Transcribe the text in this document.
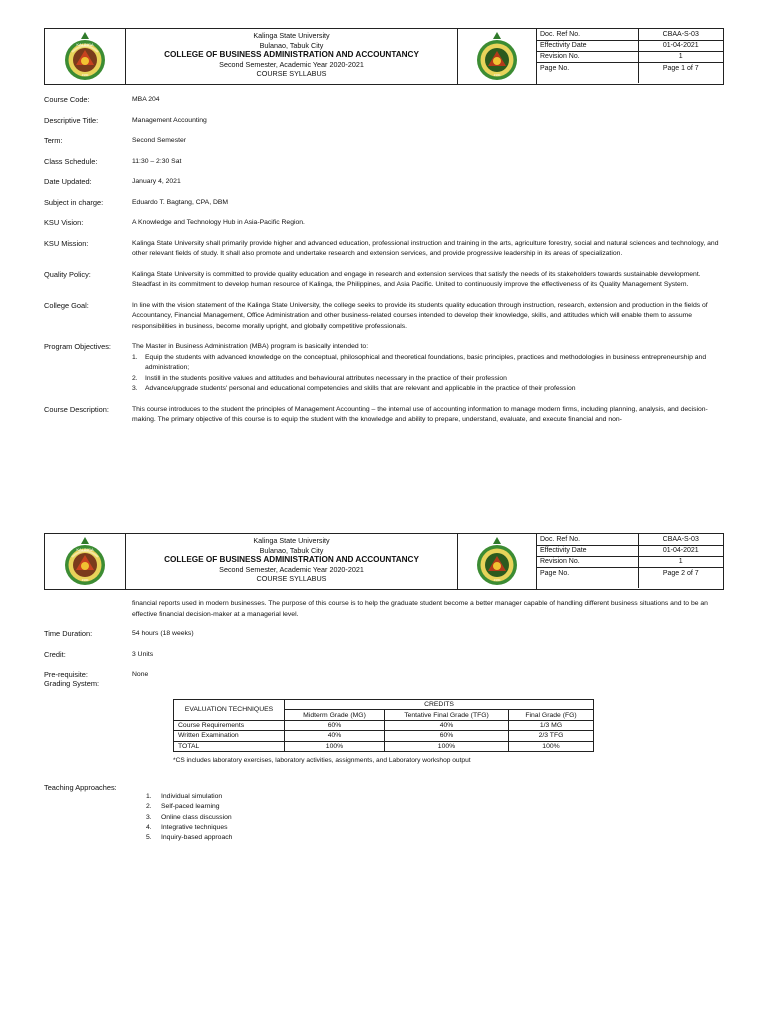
KALINGA
1990
Kalinga State University
Bulanao, Tabuk City
COLLEGE OF BUSINESS ADMINISTRATION AND ACCOUNTANCY
Second Semester, Academic Year 2020-2021
COURSE SYLLABUS	1990
Doc. Ref No.	CBAA-S-03
Effectivity Date	01-04-2021
Revision No.	1
Page No.	Page 1 of 7
Course Code:	MBA 204
Descriptive Title:	Management Accounting
Term:	Second Semester
Class Schedule:	11:30 – 2:30 Sat
Date Updated:	January 4, 2021
Subject in charge:	Eduardo T. Bagtang, CPA, DBM
KSU Vision:	A Knowledge and Technology Hub in Asia-Pacific Region.
KSU Mission:	Kalinga State University shall primarily provide higher and advanced education, professional instruction and training in the arts, agriculture forestry, social and natural sciences and technology, and other relevant fields of study. It shall also promote and undertake research and extension services, and provide progressive leadership in its areas of specialization.
Quality Policy:	Kalinga State University is committed to provide quality education and engage in research and extension services that satisfy the needs of its stakeholders towards sustainable development. Steadfast in its commitment to develop human resource of Kalinga, the Philippines, and Asia Pacific. United to continuously improve the effectiveness of its Quality Management System.
College Goal:	In line with the vision statement of the Kalinga State University, the college seeks to provide its students quality education through instruction, research, extension and production in the fields of Accountancy, Financial Management, Office Administration and other business-related courses intended to develop their knowledge, skills, and attitudes which will enable them to assume responsibilities in business, become morally upright, and globally competitive professionals.
Program Objectives:	The Master in Business Administration (MBA) program is basically intended to:
1.	Equip the students with advanced knowledge on the conceptual, philosophical and theoretical foundations, basic principles, practices and methodologies in business entrepreneurship and administration;
2.	Instill in the students positive values and attitudes and behavioural attributes necessary in the practice of their profession
3.	Advance/upgrade students' personal and educational competencies and skills that are relevant and applicable in the practice of their profession
Course Description:	This course introduces to the student the principles of Management Accounting – the internal use of accounting information to manage modern firms, including planning, analysis, and decision-making. The primary objective of this course is to equip the student with the knowledge and ability to prepare, understand, evaluate, and execute financial and non-
KALINGA
1990
Kalinga State University
Bulanao, Tabuk City
COLLEGE OF BUSINESS ADMINISTRATION AND ACCOUNTANCY
Second Semester, Academic Year 2020-2021
COURSE SYLLABUS	1990
Doc. Ref No.	CBAA-S-03
Effectivity Date	01-04-2021
Revision No.	1
Page No.	Page 2 of 7
financial reports used in modern businesses. The purpose of this course is to help the graduate student become a better manager capable of handling different business situations and to be an effective financial decision-maker at a managerial level.
Time Duration:	54 hours (18 weeks)
Credit:	3 Units
Pre-requisite:
Grading System:
None
EVALUATION TECHNIQUES	CREDITS		
	Midterm Grade (MG)	Tentative Final Grade (TFG)	Final Grade (FG)
Course Requirements	60%	40%	1/3 MG
Written Examination	40%	60%	2/3 TFG
TOTAL	100%	100%	100%
*CS includes laboratory exercises, laboratory activities, assignments, and Laboratory workshop output
Teaching Approaches:
1.	Individual simulation
2.	Self-paced learning
3.	Online class discussion
4.	Integrative techniques
5.	Inquiry-based approach
